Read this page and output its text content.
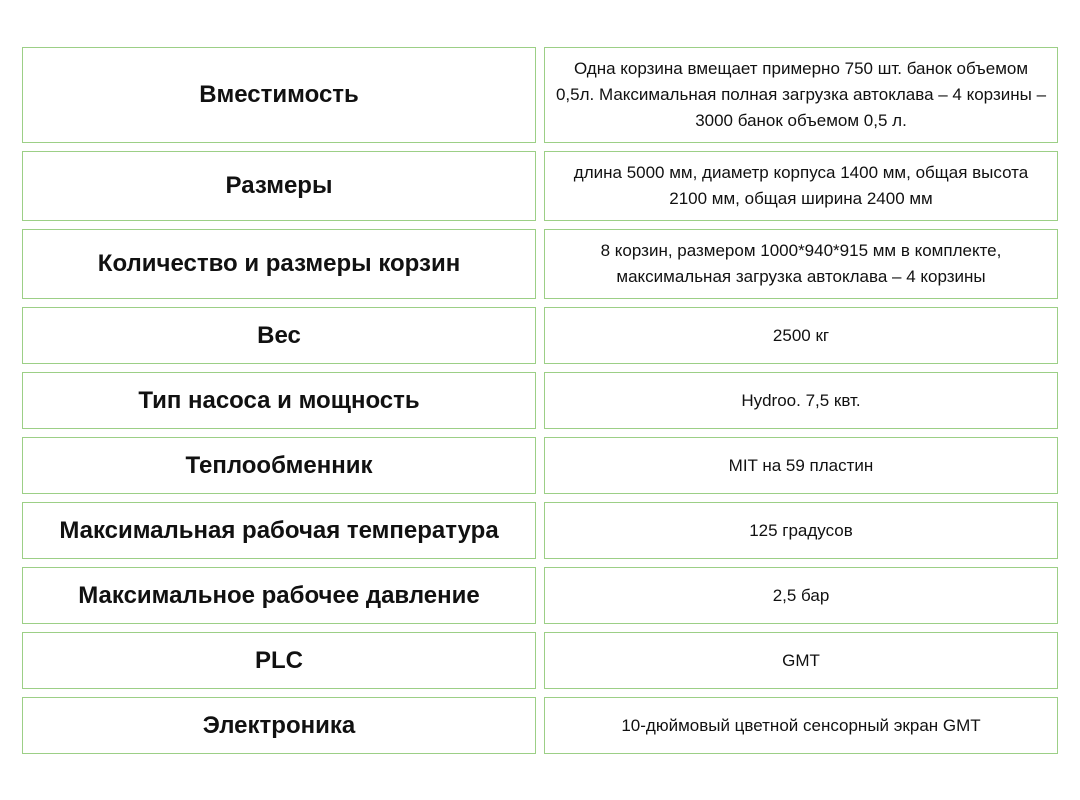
Вместимость	Одна корзина вмещает примерно 750 шт. банок объемом 0,5л. Максимальная полная загрузка автоклава – 4 корзины – 3000 банок объемом 0,5 л.
Размеры	длина 5000 мм, диаметр корпуса 1400 мм, общая высота 2100 мм, общая ширина 2400 мм
Количество и размеры корзин	8 корзин, размером 1000*940*915 мм в комплекте, максимальная загрузка автоклава – 4 корзины
Вес	2500 кг
Тип насоса и мощность	Hydroo. 7,5 квт.
Теплообменник	MIT на 59 пластин
Максимальная рабочая температура	125 градусов
Максимальное рабочее давление	2,5 бар
PLC	GMT
Электроника	10-дюймовый цветной сенсорный экран GMT
